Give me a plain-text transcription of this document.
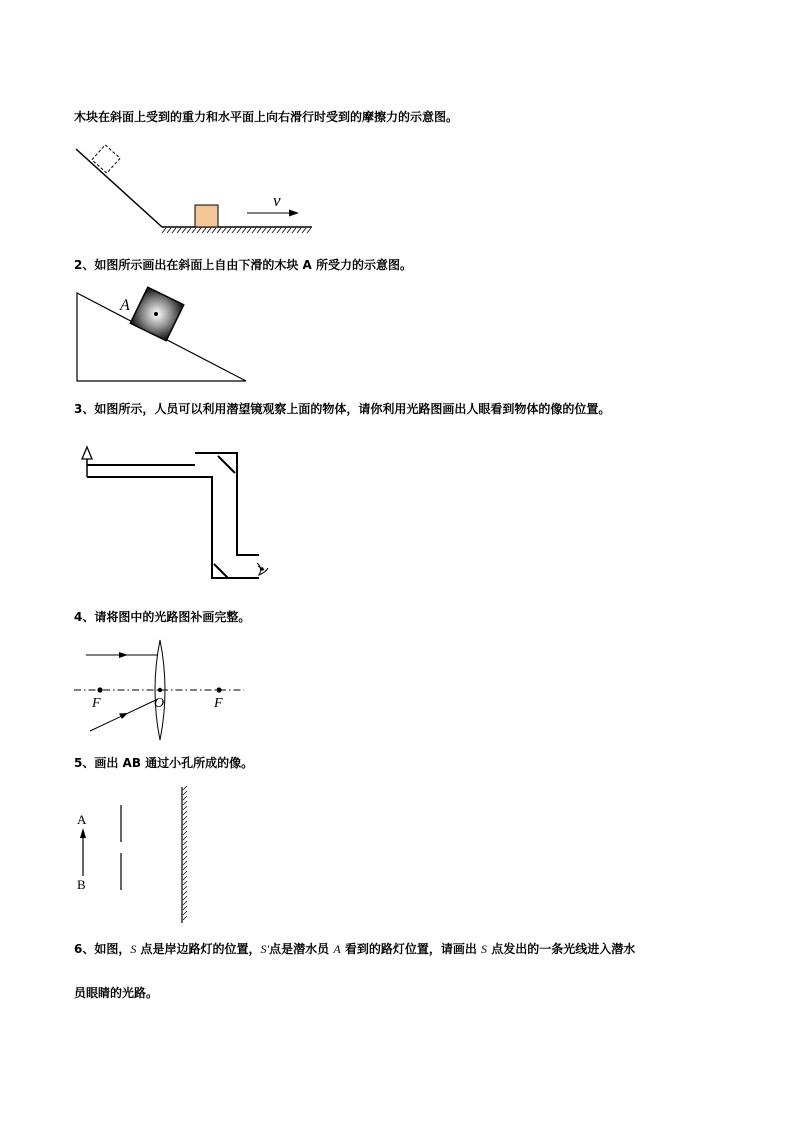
木块在斜面上受到的重力和水平面上向右滑行时受到的摩擦力的示意图。
v
2、如图所示画出在斜面上自由下滑的木块 A 所受力的示意图。
A
3、如图所示，人员可以利用潜望镜观察上面的物体，请你利用光路图画出人眼看到物体的像的位置。
4、请将图中的光路图补画完整。
F	O	F
5、画出 AB 通过小孔所成的像。
A
B
6、如图，S 点是岸边路灯的位置，S'点是潜水员 A 看到的路灯位置，请画出 S 点发出的一条光线进入潜水
员眼睛的光路。
